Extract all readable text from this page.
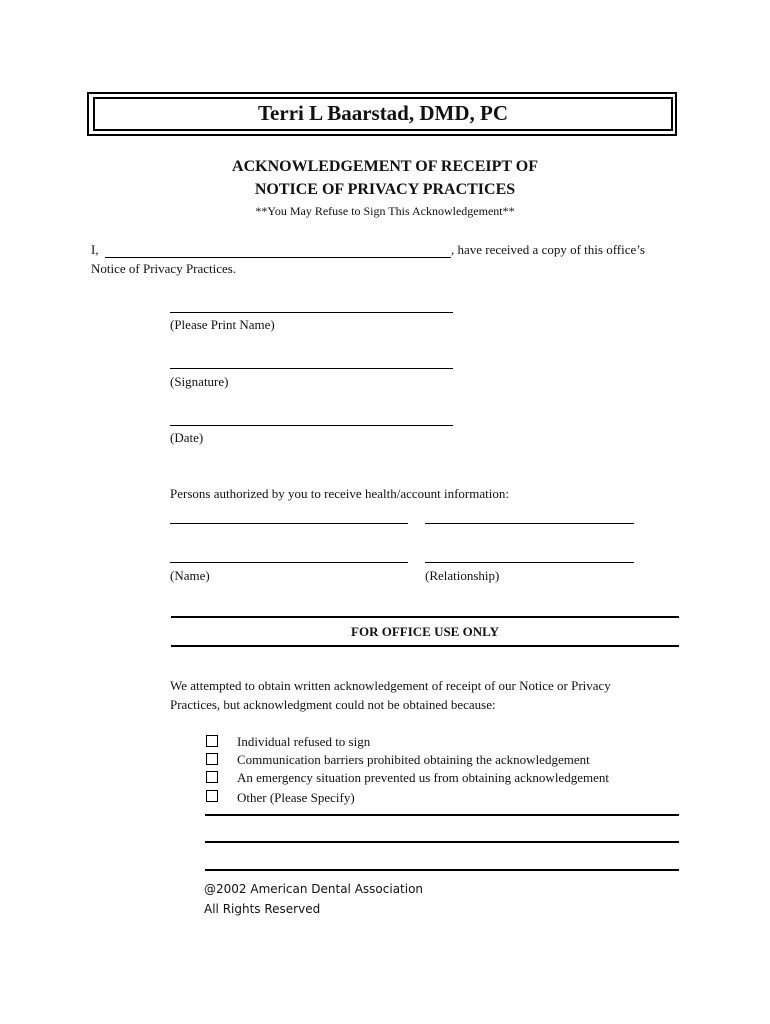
Terri L Baarstad, DMD, PC
ACKNOWLEDGEMENT OF RECEIPT OF
NOTICE OF PRIVACY PRACTICES
**You May Refuse to Sign This Acknowledgement**
I,	, have received a copy of this office’s
Notice of Privacy Practices.
(Please Print Name)
(Signature)
(Date)
Persons authorized by you to receive health/account information:
(Name)	(Relationship)
FOR OFFICE USE ONLY
We attempted to obtain written acknowledgement of receipt of our Notice or Privacy
Practices, but acknowledgment could not be obtained because:
Individual refused to sign
Communication barriers prohibited obtaining the acknowledgement
An emergency situation prevented us from obtaining acknowledgement
Other (Please Specify)
@2002 American Dental Association
All Rights Reserved
